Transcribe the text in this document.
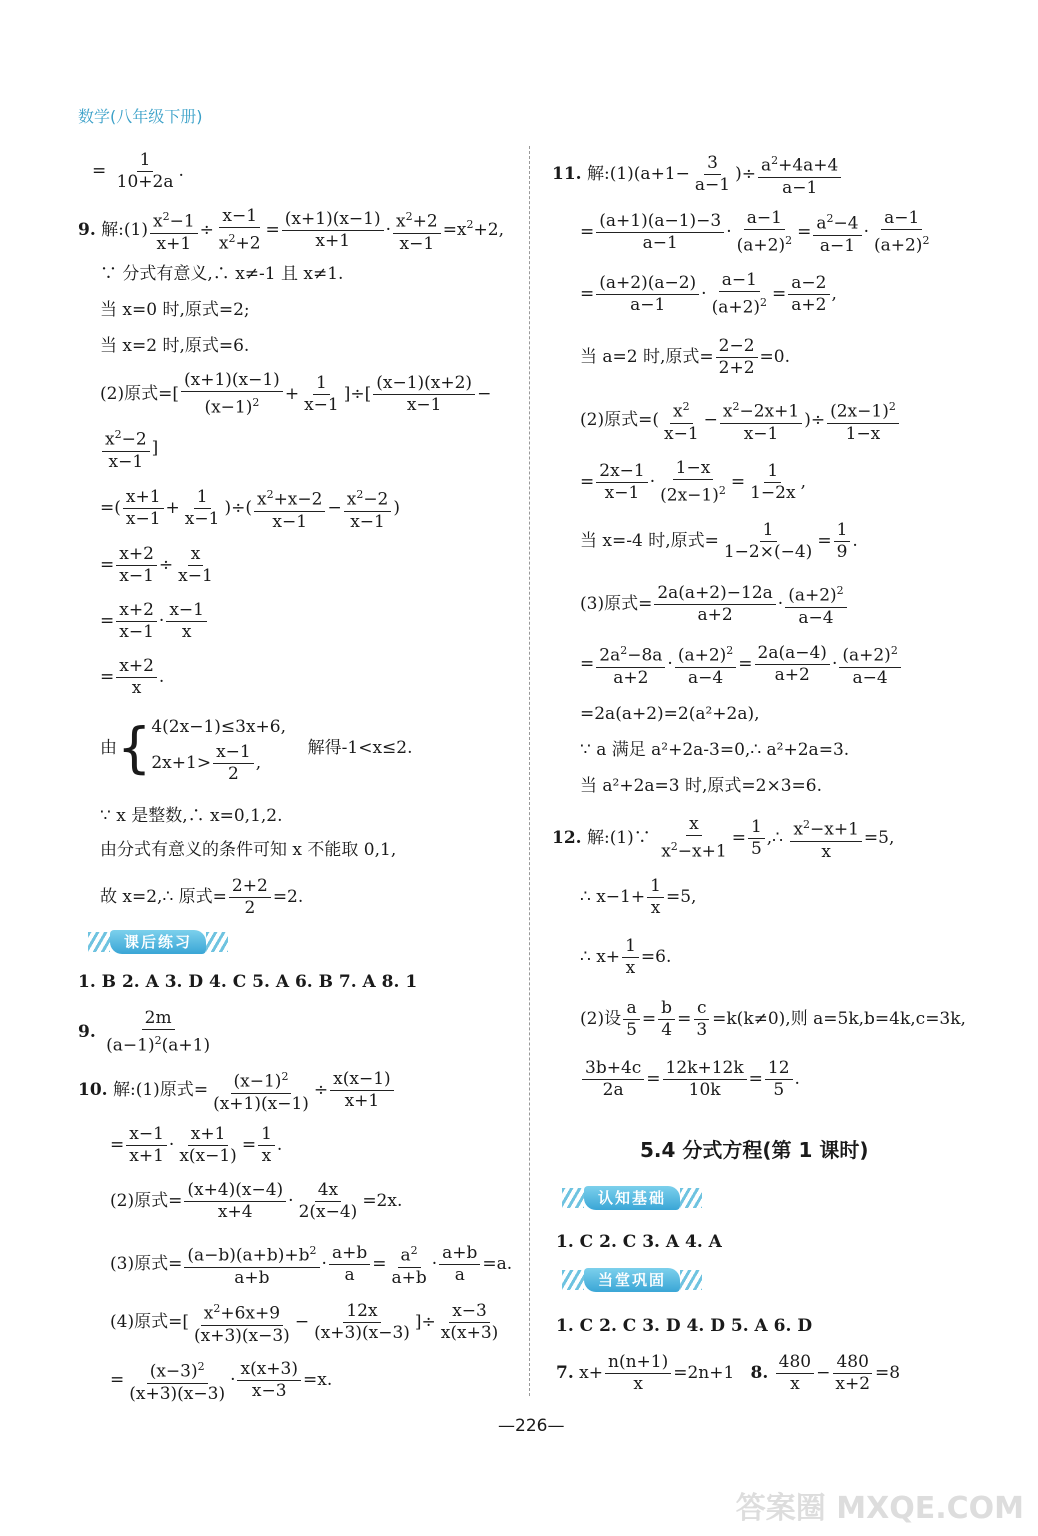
数学(八年级下册)
= $\frac{1}{10+2a}$ .
9. 解:(1) $\frac{x^2-1}{x+1} \div \frac{x-1}{x^2+2} = \frac{(x+1)(x-1)}{x+1} \cdot \frac{x^2+2}{x-1} =x^2+2$,
∵ 分式有意义,∴ x≠-1 且 x≠1.
当 x=0 时,原式=2;
当 x=2 时,原式=6.
(2)原式=[ $\frac{(x+1)(x-1)}{(x-1)^2} + \frac{1}{x-1}$ ]÷[ $\frac{(x-1)(x+2)}{x-1}$ −
$\frac{x^2-2}{x-1}$ ]
=( $\frac{x+1}{x-1} + \frac{1}{x-1}$ )÷( $\frac{x^2+x-2}{x-1} - \frac{x^2-2}{x-1}$ )
= $\frac{x+2}{x-1} \div \frac{x}{x-1}$
= $\frac{x+2}{x-1} \cdot \frac{x-1}{x}$
= $\frac{x+2}{x}$ .
由{4(2x−1)≤3x+6,
$2x+1> \frac{x-1}{2}$ ,    解得-1<x≤2.
∵ x 是整数,∴ x=0,1,2.
由分式有意义的条件可知 x 不能取 0,1,
故 x=2,∴ 原式= $\frac{2+2}{2} =2$.
课后练习
1. B 2. A 3. D 4. C 5. A 6. B 7. A 8. 1
9. $\frac{2m}{(a-1)^2(a+1)}$
10. 解:(1)原式= $\frac{(x-1)^2}{(x+1)(x-1)} \div \frac{x(x-1)}{x+1}$
= $\frac{x-1}{x+1} \cdot \frac{x+1}{x(x-1)} = \frac{1}{x}$ .
(2)原式= $\frac{(x+4)(x-4)}{x+4} \cdot \frac{4x}{2(x-4)} =2x$.
(3)原式= $\frac{(a-b)(a+b)+b^2}{a+b} \cdot \frac{a+b}{a} = \frac{a^2}{a+b} \cdot \frac{a+b}{a} =a$.
(4)原式=[ $\frac{x^2+6x+9}{(x+3)(x-3)} - \frac{12x}{(x+3)(x-3)}$ ]÷ $\frac{x-3}{x(x+3)}$
= $\frac{(x-3)^2}{(x+3)(x-3)} \cdot \frac{x(x+3)}{x-3} =x$.
11. 解:(1)(a+1− $\frac{3}{a-1}$ )÷ $\frac{a^2+4a+4}{a-1}$
= $\frac{(a+1)(a-1)-3}{a-1} \cdot \frac{a-1}{(a+2)^2} = \frac{a^2-4}{a-1} \cdot \frac{a-1}{(a+2)^2}$
= $\frac{(a+2)(a-2)}{a-1} \cdot \frac{a-1}{(a+2)^2} = \frac{a-2}{a+2}$ ,
当 a=2 时,原式= $\frac{2-2}{2+2} =0$.
(2)原式=( $\frac{x^2}{x-1} - \frac{x^2-2x+1}{x-1}$ )÷ $\frac{(2x-1)^2}{1-x}$
= $\frac{2x-1}{x-1} \cdot \frac{1-x}{(2x-1)^2} = \frac{1}{1-2x}$ ,
当 x=-4 时,原式= $\frac{1}{1-2\times(-4)} = \frac{1}{9}$ .
(3)原式= $\frac{2a(a+2)-12a}{a+2} \cdot \frac{(a+2)^2}{a-4}$
= $\frac{2a^2-8a}{a+2} \cdot \frac{(a+2)^2}{a-4} = \frac{2a(a-4)}{a+2} \cdot \frac{(a+2)^2}{a-4}$
=2a(a+2)=2(a²+2a),
∵ a 满足 a²+2a-3=0,∴ a²+2a=3.
当 a²+2a=3 时,原式=2×3=6.
12. 解:(1)∵ $\frac{x}{x^2-x+1} = \frac{1}{5}$ ,∴ $\frac{x^2-x+1}{x} =5$,
∴ $x-1+ \frac{1}{x} =5$,
∴ $x+ \frac{1}{x} =6$.
(2)设 $\frac{a}{5} = \frac{b}{4} = \frac{c}{3} =k(k\ne 0)$,则 a=5k,b=4k,c=3k,
$\frac{3b+4c}{2a} = \frac{12k+12k}{10k} = \frac{12}{5}$ .
5.4 分式方程(第 1 课时)
认知基础
1. C 2. C 3. A 4. A
当堂巩固
1. C 2. C 3. D 4. D 5. A 6. D
7. $x+ \frac{n(n+1)}{x} =2n+1$   8. $\frac{480}{x} - \frac{480}{x+2} =8$
—226—
答案圈 MXQE.COM
